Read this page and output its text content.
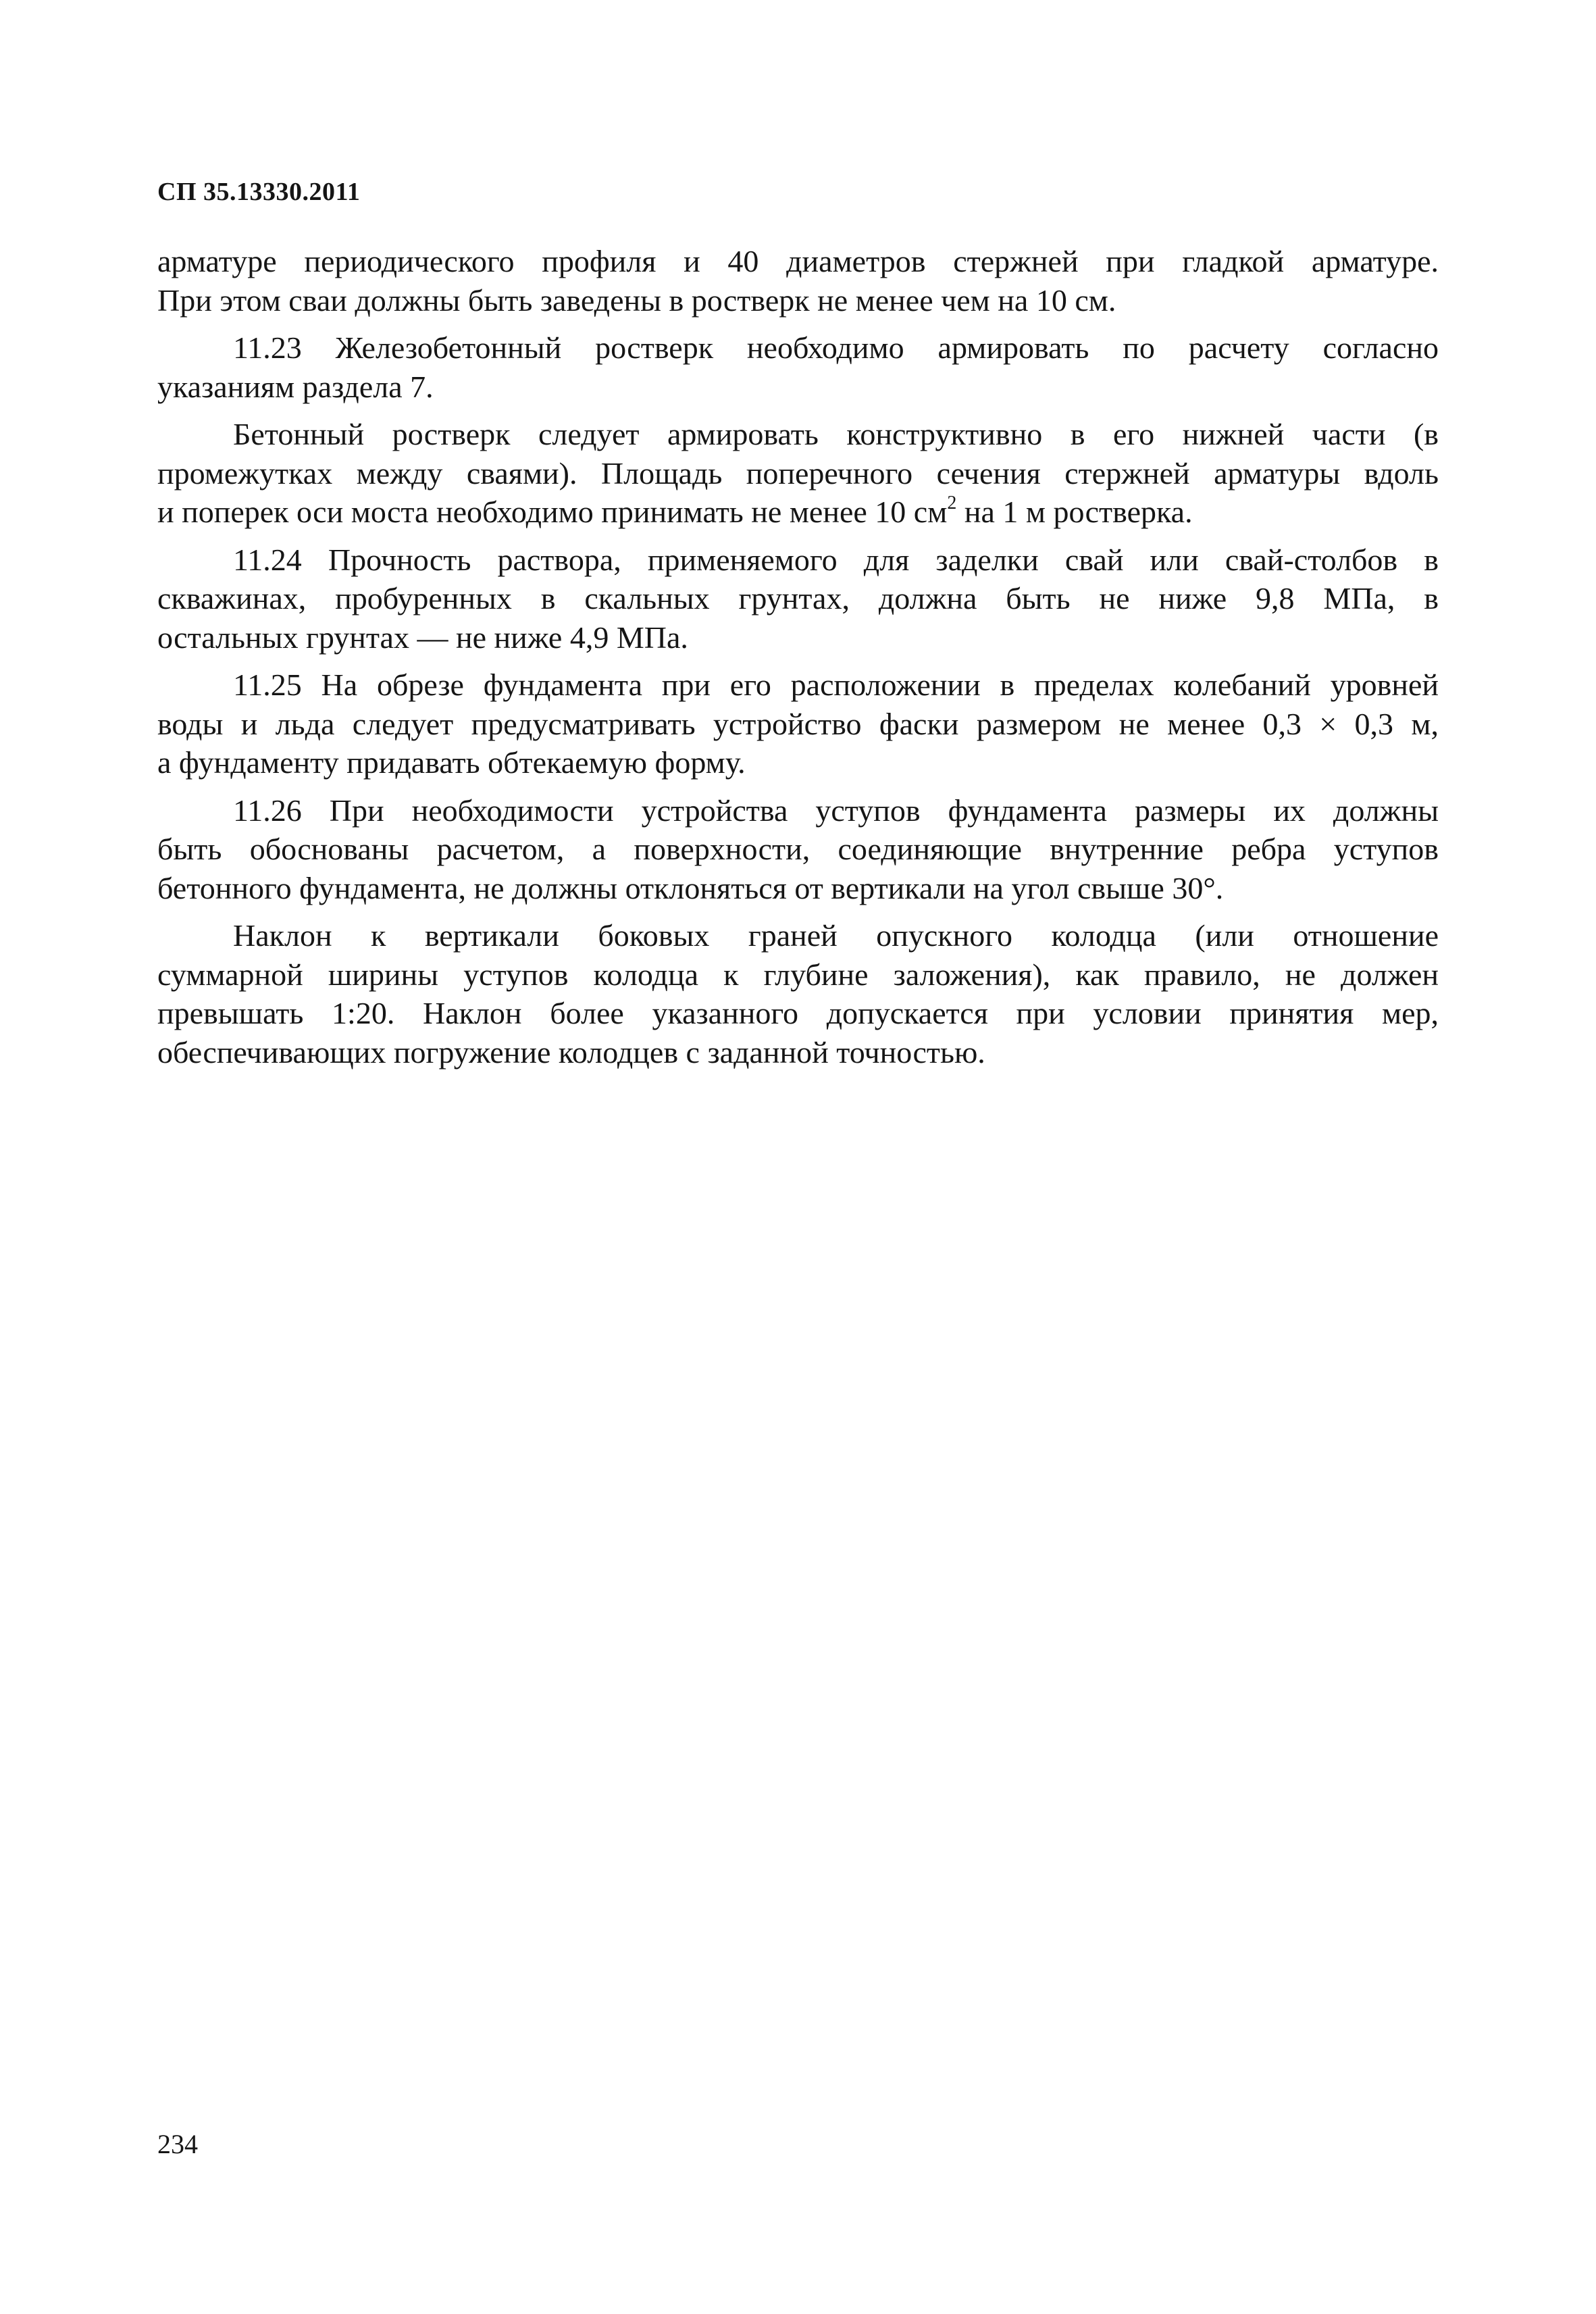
СП 35.13330.2011

арматуре периодического профиля и 40 диаметров стержней при гладкой арматуре.
При этом сваи должны быть заведены в ростверк не менее чем на 10 см.

11.23 Железобетонный ростверк необходимо армировать по расчету согласно
указаниям раздела 7.

Бетонный ростверк следует армировать конструктивно в его нижней части (в
промежутках между сваями). Площадь поперечного сечения стержней арматуры вдоль
и поперек оси моста необходимо принимать не менее 10 $см^2$ на 1 м ростверка.

11.24 Прочность раствора, применяемого для заделки свай или свай-столбов в
скважинах, пробуренных в скальных грунтах, должна быть не ниже 9,8 МПа, в
остальных грунтах — не ниже 4,9 МПа.

11.25 На обрезе фундамента при его расположении в пределах колебаний уровней
воды и льда следует предусматривать устройство фаски размером не менее 0,3 × 0,3 м,
а фундаменту придавать обтекаемую форму.

11.26 При необходимости устройства уступов фундамента размеры их должны
быть обоснованы расчетом, а поверхности, соединяющие внутренние ребра уступов
бетонного фундамента, не должны отклоняться от вертикали на угол свыше 30°.

Наклон к вертикали боковых граней опускного колодца (или отношение
суммарной ширины уступов колодца к глубине заложения), как правило, не должен
превышать 1:20. Наклон более указанного допускается при условии принятия мер,
обеспечивающих погружение колодцев с заданной точностью.

234
